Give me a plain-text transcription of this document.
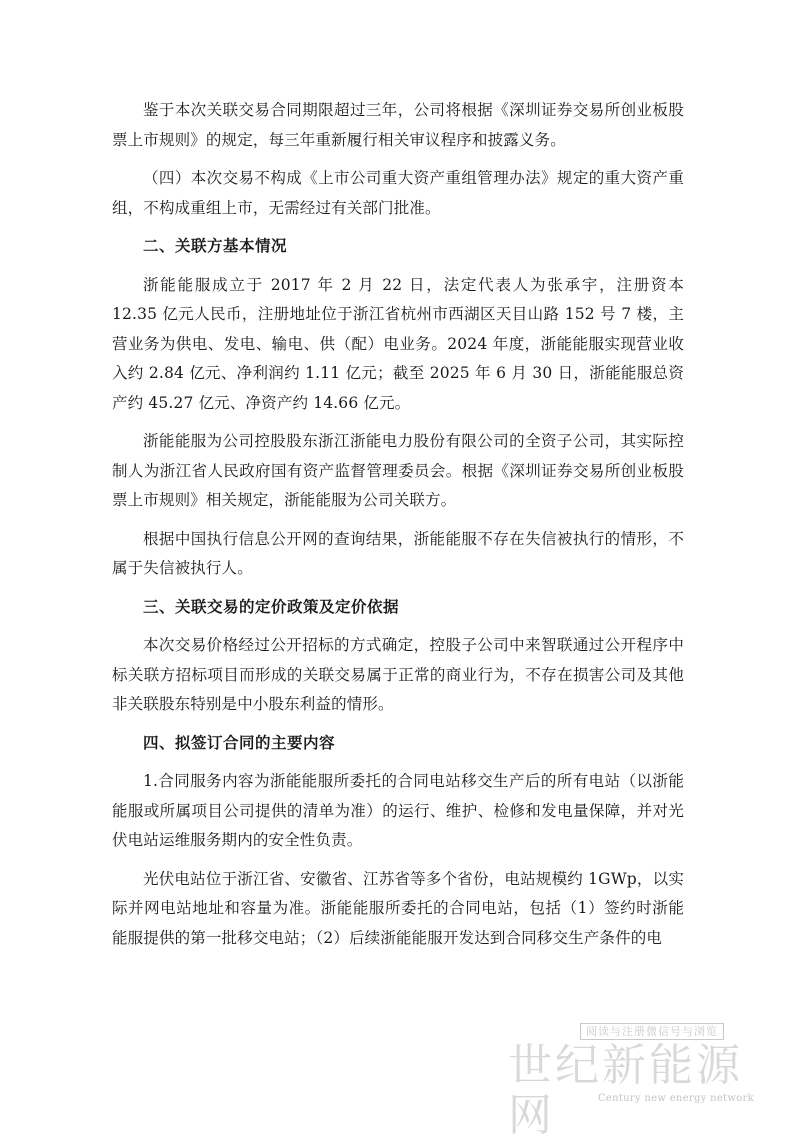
鉴于本次关联交易合同期限超过三年，公司将根据《深圳证券交易所创业板股票上市规则》的规定，每三年重新履行相关审议程序和披露义务。

（四）本次交易不构成《上市公司重大资产重组管理办法》规定的重大资产重组，不构成重组上市，无需经过有关部门批准。

二、关联方基本情况

浙能能服成立于 2017 年 2 月 22 日，法定代表人为张承宇，注册资本 12.35 亿元人民币，注册地址位于浙江省杭州市西湖区天目山路 152 号 7 楼，主营业务为供电、发电、输电、供（配）电业务。2024 年度，浙能能服实现营业收入约 2.84 亿元、净利润约 1.11 亿元；截至 2025 年 6 月 30 日，浙能能服总资产约 45.27 亿元、净资产约 14.66 亿元。

浙能能服为公司控股股东浙江浙能电力股份有限公司的全资子公司，其实际控制人为浙江省人民政府国有资产监督管理委员会。根据《深圳证券交易所创业板股票上市规则》相关规定，浙能能服为公司关联方。

根据中国执行信息公开网的查询结果，浙能能服不存在失信被执行的情形，不属于失信被执行人。

三、关联交易的定价政策及定价依据

本次交易价格经过公开招标的方式确定，控股子公司中来智联通过公开程序中标关联方招标项目而形成的关联交易属于正常的商业行为，不存在损害公司及其他非关联股东特别是中小股东利益的情形。

四、拟签订合同的主要内容

1.合同服务内容为浙能能服所委托的合同电站移交生产后的所有电站（以浙能能服或所属项目公司提供的清单为准）的运行、维护、检修和发电量保障，并对光伏电站运维服务期内的安全性负责。

光伏电站位于浙江省、安徽省、江苏省等多个省份，电站规模约 1GWp，以实际并网电站地址和容量为准。浙能能服所委托的合同电站，包括（1）签约时浙能能服提供的第一批移交电站；（2）后续浙能能服开发达到合同移交生产条件的电

阅读与注册微信号与浏览
世纪新能源网	Century new energy network
